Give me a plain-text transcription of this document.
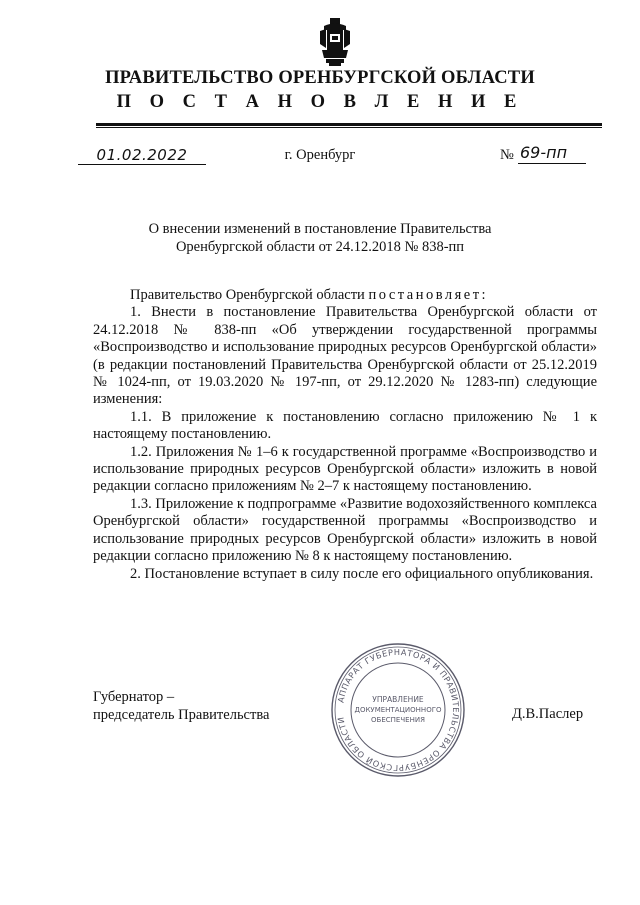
ПРАВИТЕЛЬСТВО ОРЕНБУРГСКОЙ ОБЛАСТИ
П О С Т А Н О В Л Е Н И Е
01.02.2022	г. Оренбург	№ 69-пп
О внесении изменений в постановление Правительства
Оренбургской области от 24.12.2018 № 838-пп

Правительство Оренбургской области постановляет:

1. Внести в постановление Правительства Оренбургской области от 24.12.2018 № 838-пп «Об утверждении государственной программы «Воспроизводство и использование природных ресурсов Оренбургской области» (в редакции постановлений Правительства Оренбургской области от 25.12.2019 № 1024-пп, от 19.03.2020 № 197-пп, от 29.12.2020 № 1283-пп) следующие изменения:

1.1. В приложение к постановлению согласно приложению № 1 к настоящему постановлению.

1.2. Приложения № 1–6 к государственной программе «Воспроизводство и использование природных ресурсов Оренбургской области» изложить в новой редакции согласно приложениям № 2–7 к настоящему постановлению.

1.3. Приложение к подпрограмме «Развитие водохозяйственного комплекса Оренбургской области» государственной программы «Воспроизводство и использование природных ресурсов Оренбургской области» изложить в новой редакции согласно приложению № 8 к настоящему постановлению.

2. Постановление вступает в силу после его официального опубликования.

Губернатор –
председатель Правительства	Д.В.Паслер
АППАРАТ ГУБЕРНАТОРА И ПРАВИТЕЛЬСТВА ОРЕНБУРГСКОЙ ОБЛАСТИ
УПРАВЛЕНИЕ
ДОКУМЕНТАЦИОННОГО
ОБЕСПЕЧЕНИЯ
